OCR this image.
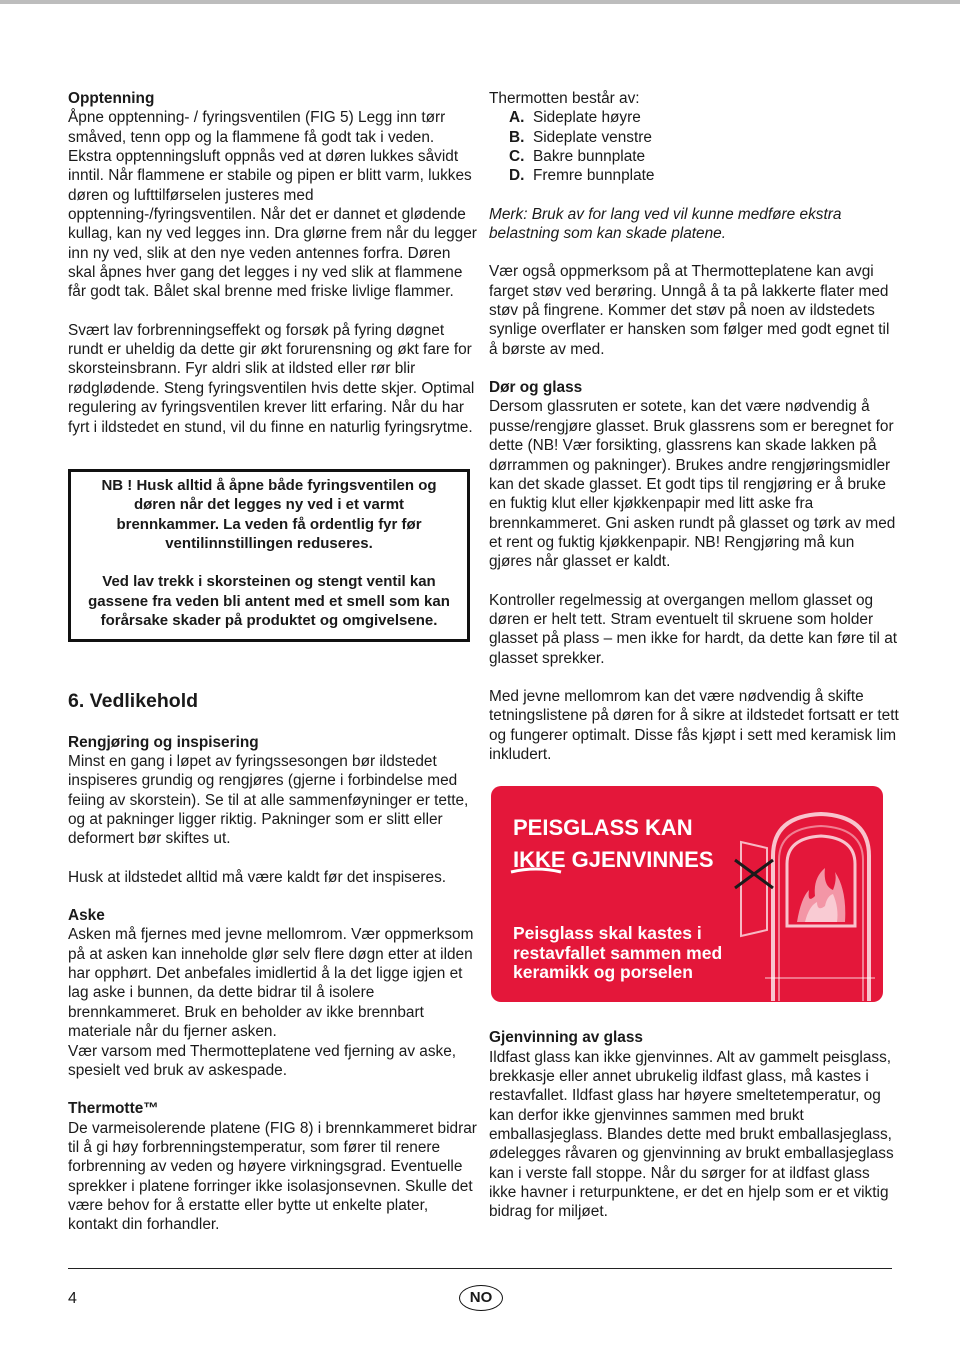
Opptenning
Åpne opptenning- / fyringsventilen (FIG 5) Legg inn tørr småved, tenn opp og la flammene få godt tak i veden. Ekstra opptenningsluft oppnås ved at døren lukkes såvidt inntil. Når flammene er stabile og pipen er blitt varm, lukkes døren og lufttilførselen justeres med opptenning-/fyringsventilen. Når det er dannet et glødende kullag, kan ny ved legges inn. Dra glørne frem når du legger inn ny ved, slik at den nye veden antennes forfra. Døren skal åpnes hver gang det legges i ny ved slik at flammene får godt tak. Bålet skal brenne med friske livlige flammer.
Svært lav forbrenningseffekt og forsøk på fyring døgnet rundt er uheldig da dette gir økt forurensning og økt fare for skorsteinsbrann. Fyr aldri slik at ildsted eller rør blir rødglødende. Steng fyringsventilen hvis dette skjer. Optimal regulering av fyringsventilen krever litt erfaring. Når du har fyrt i ildstedet en stund, vil du finne en naturlig fyringsrytme.
NB ! Husk alltid å åpne både fyringsventilen og døren når det legges ny ved i et varmt brennkammer. La veden få ordentlig fyr før ventilinnstillingen reduseres.
Ved lav trekk i skorsteinen og stengt ventil kan gassene fra veden bli antent med et smell som kan forårsake skader på produktet og omgivelsene.
6. Vedlikehold
Rengjøring og inspisering
Minst en gang i løpet av fyringssesongen bør ildstedet inspiseres grundig og rengjøres (gjerne i forbindelse med feiing av skorstein). Se til at alle sammenføyninger er tette, og at pakninger ligger riktig. Pakninger som er slitt eller deformert bør skiftes ut.
Husk at ildstedet alltid må være kaldt før det inspiseres.
Aske
Asken må fjernes med jevne mellomrom. Vær oppmerksom på at asken kan inneholde glør selv flere døgn etter at ilden har opphørt. Det anbefales imidlertid å la det ligge igjen et lag aske i bunnen, da dette bidrar til å isolere brennkammeret. Bruk en beholder av ikke brennbart materiale når du fjerner asken.
Vær varsom med Thermotteplatene ved fjerning av aske, spesielt ved bruk av askespade.
Thermotte™
De varmeisolerende platene (FIG 8) i brennkammeret bidrar til å gi høy forbrenningstemperatur, som fører til renere forbrenning av veden og høyere virkningsgrad. Eventuelle sprekker i platene forringer ikke isolasjonsevnen. Skulle det være behov for å erstatte eller bytte ut enkelte plater, kontakt din forhandler.
Thermotten består av:
A. Sideplate høyre
B. Sideplate venstre
C. Bakre bunnplate
D. Fremre bunnplate
Merk: Bruk av for lang ved vil kunne medføre ekstra belastning som kan skade platene.
Vær også oppmerksom på at Thermotteplatene kan avgi farget støv ved berøring. Unngå å ta på lakkerte flater med støv på fingrene. Kommer det støv på noen av ildstedets synlige overflater er hansken som følger med godt egnet til å børste av med.
Dør og glass
Dersom glassruten er sotete, kan det være nødvendig å pusse/rengjøre glasset. Bruk glassrens som er beregnet for dette (NB! Vær forsikting, glassrens kan skade lakken på dørrammen og pakninger). Brukes andre rengjøringsmidler kan det skade glasset. Et godt tips til rengjøring er å bruke en fuktig klut eller kjøkkenpapir med litt aske fra brennkammeret. Gni asken rundt på glasset og tørk av med et rent og fuktig kjøkkenpapir. NB! Rengjøring må kun gjøres når glasset er kaldt.
Kontroller regelmessig at overgangen mellom glasset og døren er helt tett. Stram eventuelt til skruene som holder glasset på plass – men ikke for hardt, da dette kan føre til at glasset sprekker.
Med jevne mellomrom kan det være nødvendig å skifte tetningslistene på døren for å sikre at ildstedet fortsatt er tett og fungerer optimalt. Disse fås kjøpt i sett med keramisk lim inkludert.
PEISGLASS KAN
IKKE GJENVINNES
Peisglass skal kastes i restavfallet sammen med keramikk og porselen
Gjenvinning av glass
Ildfast glass kan ikke gjenvinnes. Alt av gammelt peisglass, brekkasje eller annet ubrukelig ildfast glass, må kastes i restavfallet. Ildfast glass har høyere smeltetemperatur, og kan derfor ikke gjenvinnes sammen med brukt emballasjeglass. Blandes dette med brukt emballasjeglass, ødelegges råvaren og gjenvinning av brukt emballasjeglass kan i verste fall stoppe. Når du sørger for at ildfast glass ikke havner i returpunktene, er det en hjelp som er et viktig bidrag for miljøet.
4	NO
